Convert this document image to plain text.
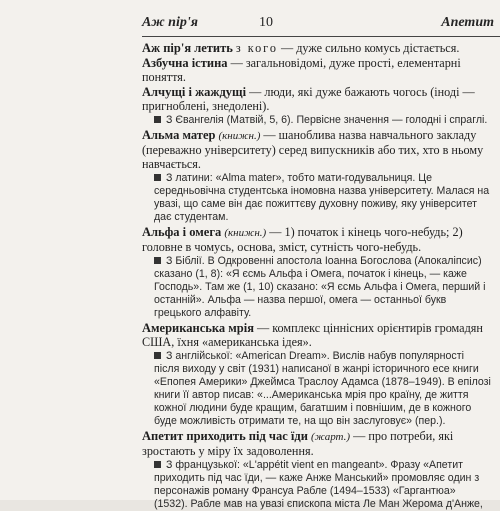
Аж пір'я	10	Апетит

Аж пір'я летить з кого — дуже сильно комусь дістається.

Азбучна істина — загальновідомі, дуже прості, елементарні поняття.

Алчущі і жаждущі — люди, які дуже бажають чогось (іноді — пригноблені, знедолені).

З Євангелія (Матвій, 5, 6). Первісне значення — голодні і спраглі.

Альма матер (книжн.) — шаноблива назва навчального закладу (переважно університету) серед випускників або тих, хто в ньому навчається.

З латини: «Alma mater», тобто мати-годувальниця. Це середньовічна студентська іномовна назва університету. Малася на увазі, що саме він дає пожиттєву духовну поживу, яку університет дає студентам.

Альфа і омега (книжн.) — 1) початок і кінець чого-небудь; 2) головне в чомусь, основа, зміст, сутність чого-небудь.

З Біблії. В Одкровенні апостола Іоанна Богослова (Апокаліпсис) сказано (1, 8): «Я єсмь Альфа і Омега, початок і кінець, — каже Господь». Там же (1, 10) сказано: «Я єсмь Альфа і Омега, перший і останній». Альфа — назва першої, омега — останньої букв грецького алфавіту.

Американська мрія — комплекс ціннісних орієнтирів громадян США, їхня «американська ідея».

З англійської: «American Dream». Вислів набув популярності після виходу у світ (1931) написаної в жанрі історичного есе книги «Епопея Америки» Джеймса Трaслоу Адамса (1878–1949). В епілозі книги її автор писав: «...Американська мрія про країну, де життя кожної людини буде кращим, багатшим і повнішим, де в кожного буде можливість отримати те, на що він заслуговує» (пер.).

Апетит приходить під час їди (жарт.) — про потреби, які зростають у міру їх задоволення.

З французької: «L'appétit vient en mangeant». Фразу «Апетит приходить під час їди, — каже Анже Манський» промовляє один з персонажів роману Франсуа Рабле (1494–1533) «Гаргантюа» (1532). Рабле мав на увазі єпископа міста Ле Ман Жерома д'Анже,
